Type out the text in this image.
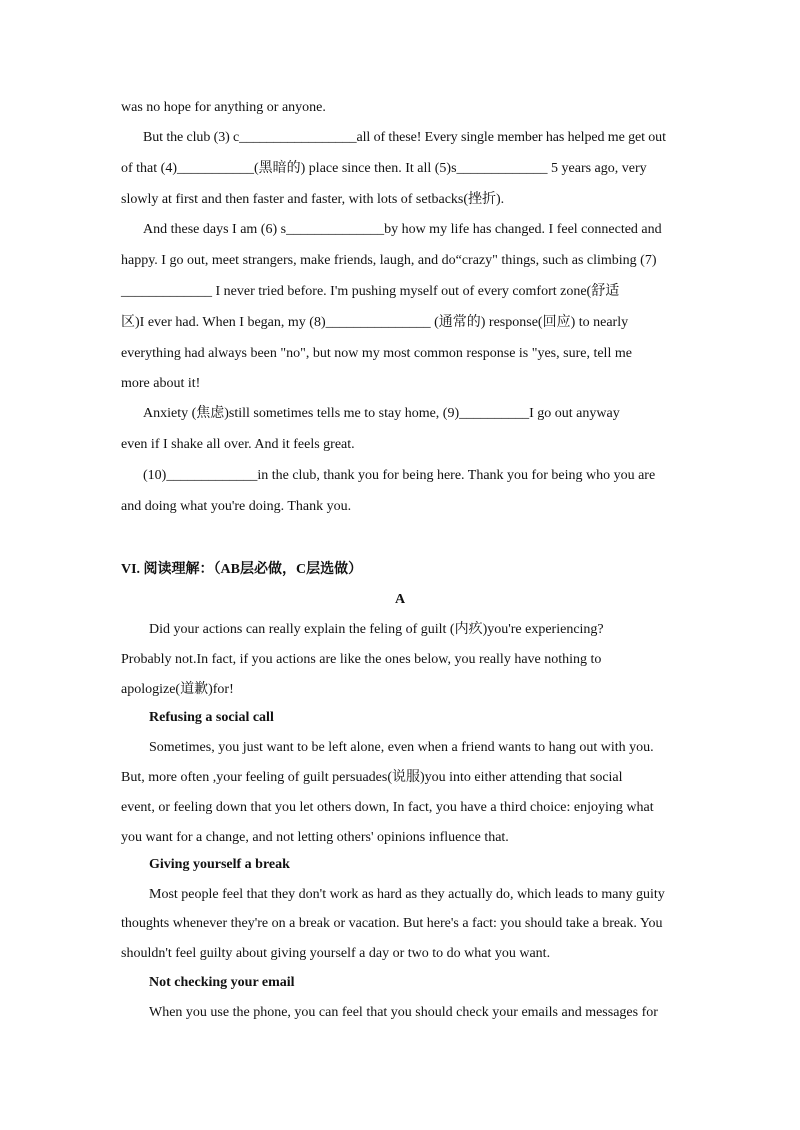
was no hope for anything or anyone.
But the club (3) c_________________all of these! Every single member has helped me get out
of that (4)___________(黑暗的) place since then. It all (5)s_____________ 5 years ago, very
slowly at first and then faster and faster, with lots of setbacks(挫折).
And these days I am (6) s______________by how my life has changed. I feel connected and
happy. I go out, meet strangers, make friends, laugh, and do“crazy" things, such as climbing (7)
_____________ I never tried before. I'm pushing myself out of every comfort zone(舒适
区)I ever had. When I began, my (8)_______________ (通常的) response(回应) to nearly
everything had always been "no", but now my most common response is "yes, sure, tell me
more about it!
Anxiety (焦虑)still sometimes tells me to stay home, (9)__________I go out anyway
even if I shake all over. And it feels great.
(10)_____________in the club, thank you for being here. Thank you for being who you are
and doing what you're doing. Thank you.
VI. 阅读理解：（AB层必做，C层选做）
A
Did your actions can really explain the feling of guilt (内疚)you're experiencing?
Probably not.In fact, if you actions are like the ones below, you really have nothing to
apologize(道歉)for!
Refusing a social call
Sometimes, you just want to be left alone, even when a friend wants to hang out with you.
But, more often ,your feeling of guilt persuades(说服)you into either attending that social
event, or feeling down that you let others down, In fact, you have a third choice: enjoying what
you want for a change, and not letting others' opinions influence that.
Giving yourself a break
Most people feel that they don't work as hard as they actually do, which leads to many guity
thoughts whenever they're on a break or vacation. But here's a fact: you should take a break. You
shouldn't feel guilty about giving yourself a day or two to do what you want.
Not checking your email
When you use the phone, you can feel that you should check your emails and messages for
